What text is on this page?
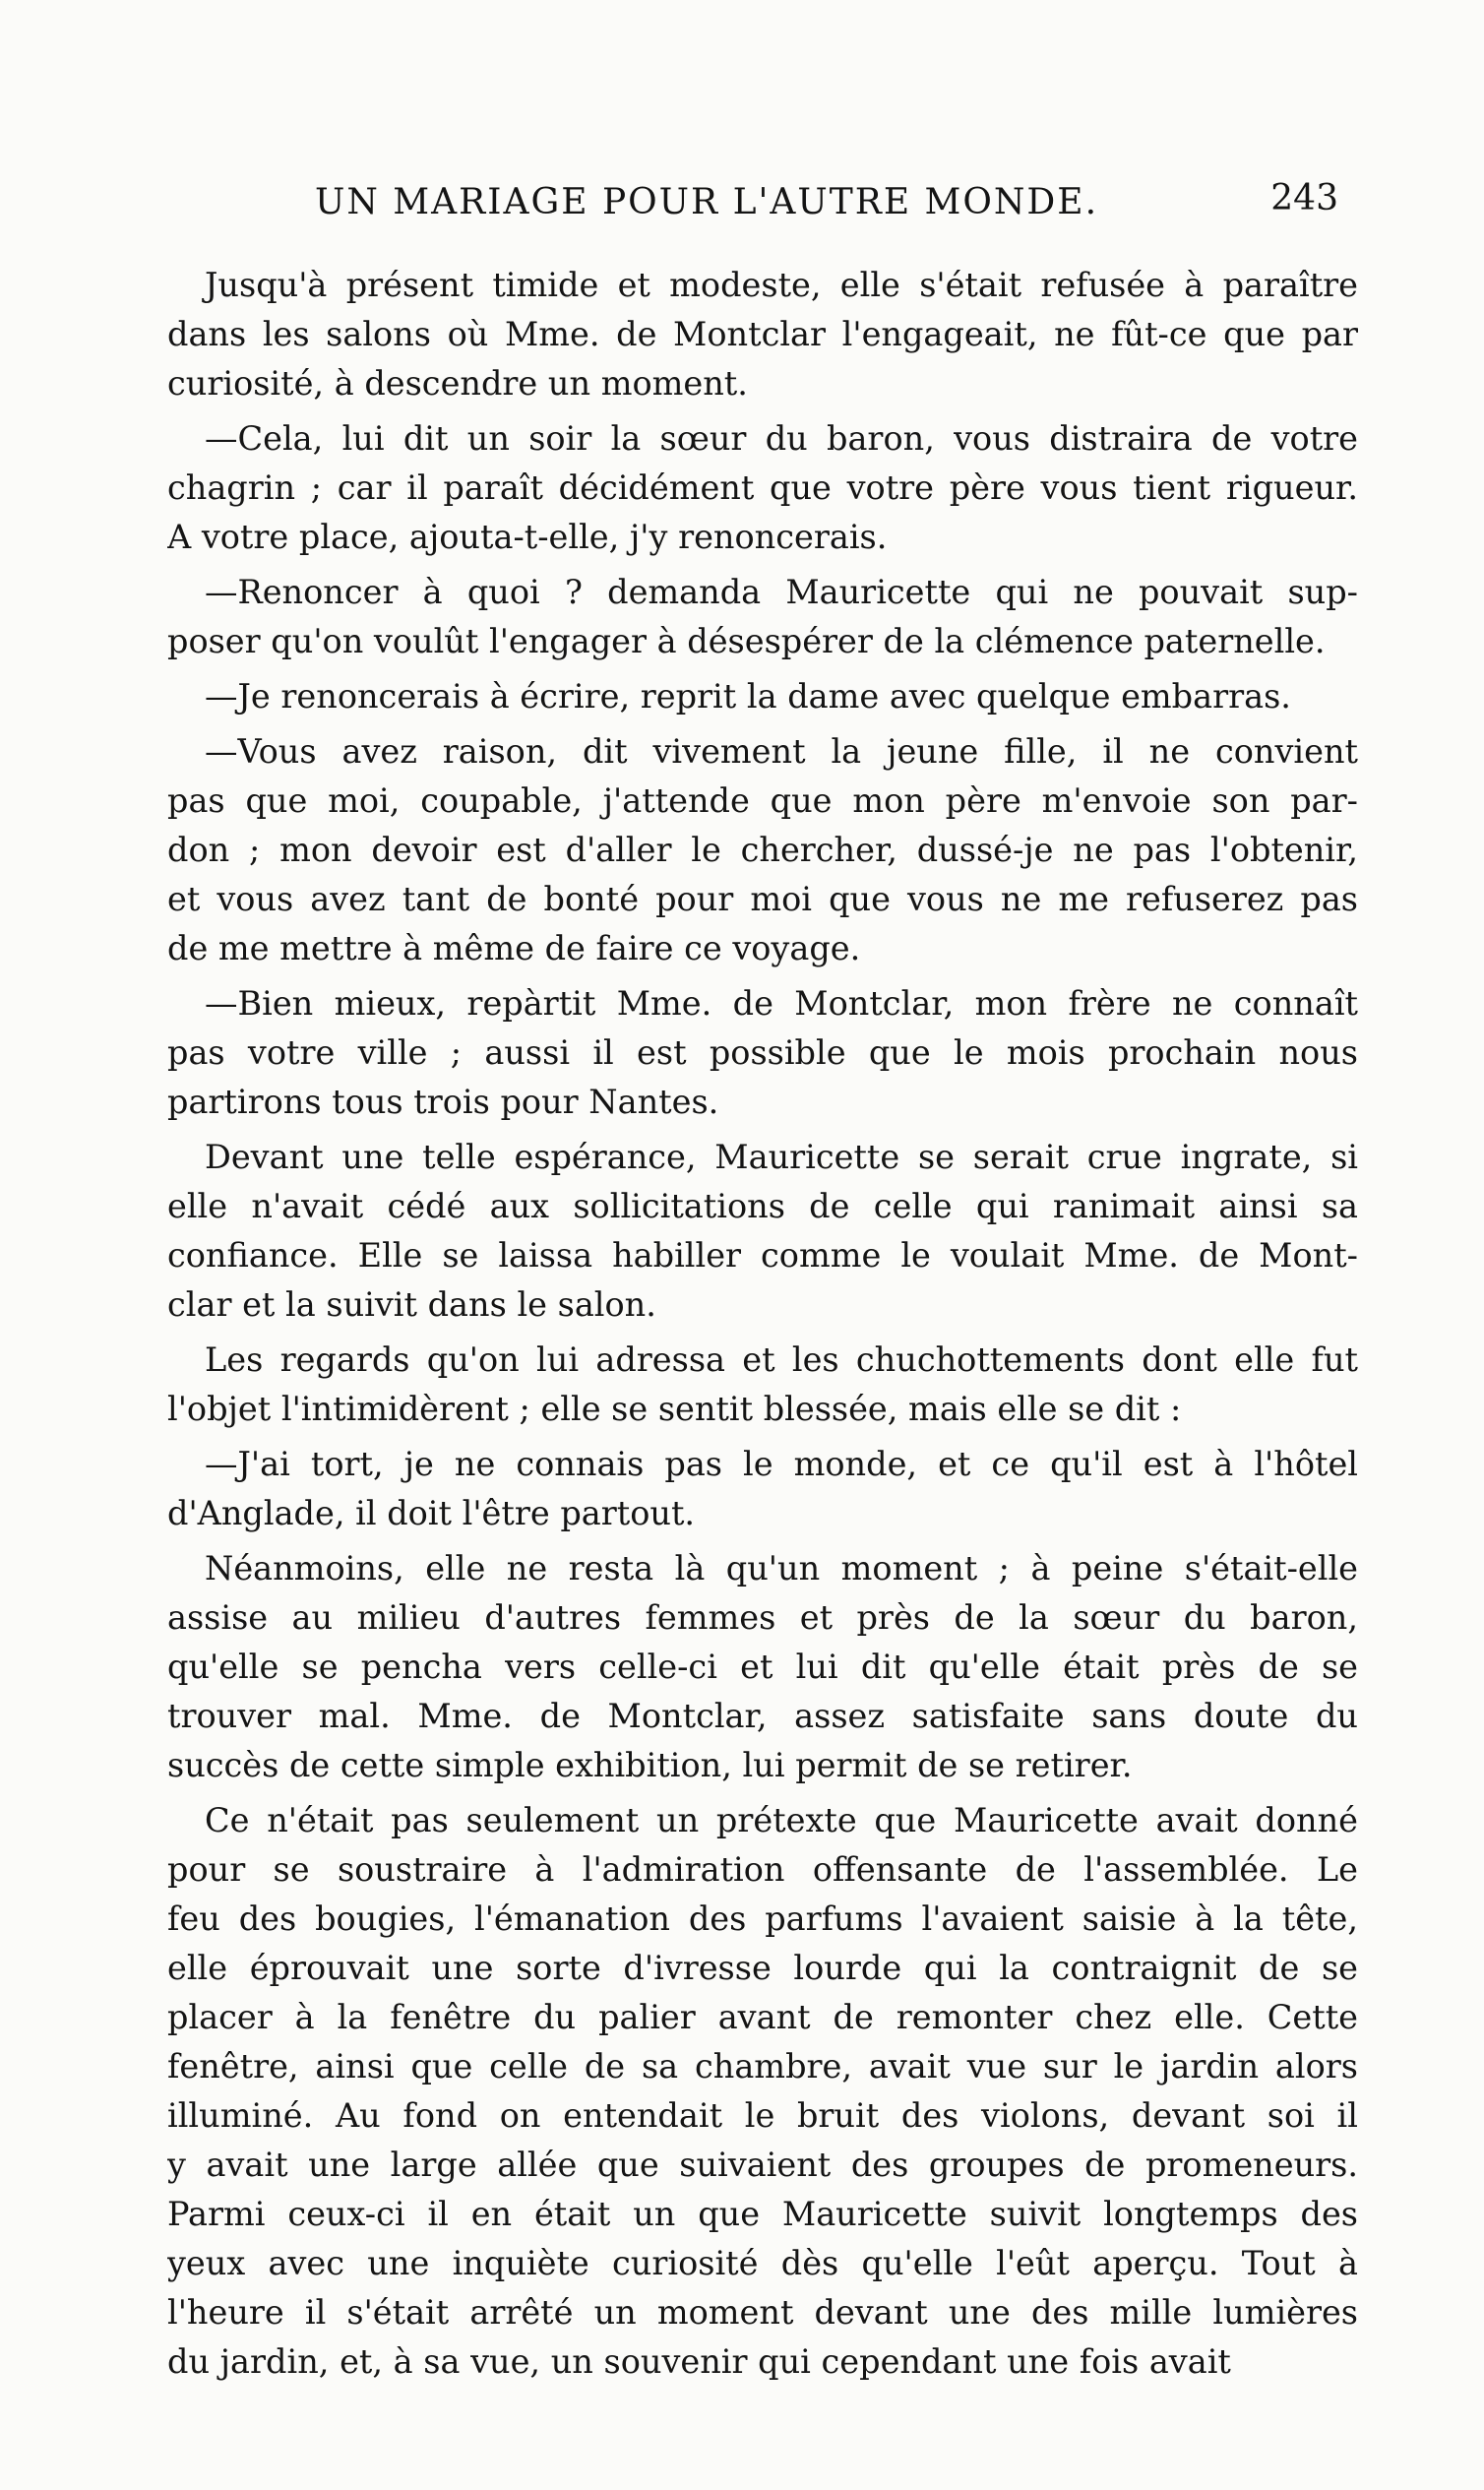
UN MARIAGE POUR L'AUTRE MONDE.	243
Jusqu'à présent timide et modeste, elle s'était refusée à paraître
dans les salons où Mme. de Montclar l'engageait, ne fût-ce que par
curiosité, à descendre un moment.
—Cela, lui dit un soir la sœur du baron, vous distraira de votre
chagrin ; car il paraît décidément que votre père vous tient rigueur.
A votre place, ajouta-t-elle, j'y renoncerais.
—Renoncer à quoi ? demanda Mauricette qui ne pouvait sup-
poser qu'on voulût l'engager à désespérer de la clémence paternelle.
—Je renoncerais à écrire, reprit la dame avec quelque embarras.
—Vous avez raison, dit vivement la jeune fille, il ne convient
pas que moi, coupable, j'attende que mon père m'envoie son par-
don ; mon devoir est d'aller le chercher, dussé-je ne pas l'obtenir,
et vous avez tant de bonté pour moi que vous ne me refuserez pas
de me mettre à même de faire ce voyage.
—Bien mieux, repàrtit Mme. de Montclar, mon frère ne connaît
pas votre ville ; aussi il est possible que le mois prochain nous
partirons tous trois pour Nantes.
Devant une telle espérance, Mauricette se serait crue ingrate, si
elle n'avait cédé aux sollicitations de celle qui ranimait ainsi sa
confiance. Elle se laissa habiller comme le voulait Mme. de Mont-
clar et la suivit dans le salon.
Les regards qu'on lui adressa et les chuchottements dont elle fut
l'objet l'intimidèrent ; elle se sentit blessée, mais elle se dit :
—J'ai tort, je ne connais pas le monde, et ce qu'il est à l'hôtel
d'Anglade, il doit l'être partout.
Néanmoins, elle ne resta là qu'un moment ; à peine s'était-elle
assise au milieu d'autres femmes et près de la sœur du baron,
qu'elle se pencha vers celle-ci et lui dit qu'elle était près de se
trouver mal. Mme. de Montclar, assez satisfaite sans doute du
succès de cette simple exhibition, lui permit de se retirer.
Ce n'était pas seulement un prétexte que Mauricette avait donné
pour se soustraire à l'admiration offensante de l'assemblée. Le
feu des bougies, l'émanation des parfums l'avaient saisie à la tête,
elle éprouvait une sorte d'ivresse lourde qui la contraignit de se
placer à la fenêtre du palier avant de remonter chez elle. Cette
fenêtre, ainsi que celle de sa chambre, avait vue sur le jardin alors
illuminé. Au fond on entendait le bruit des violons, devant soi il
y avait une large allée que suivaient des groupes de promeneurs.
Parmi ceux-ci il en était un que Mauricette suivit longtemps des
yeux avec une inquiète curiosité dès qu'elle l'eût aperçu. Tout à
l'heure il s'était arrêté un moment devant une des mille lumières
du jardin, et, à sa vue, un souvenir qui cependant une fois avait
